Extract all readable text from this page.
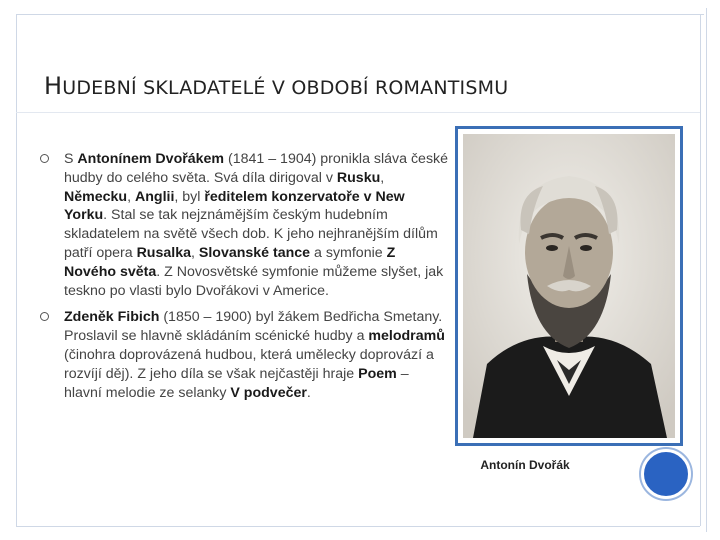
HUDEBNÍ SKLADATELÉ V OBDOBÍ ROMANTISMU
S Antonínem Dvořákem (1841 – 1904) pronikla sláva české hudby do celého světa. Svá díla dirigoval v Rusku, Německu, Anglii, byl ředitelem konzervatoře v New Yorku. Stal se tak nejznámějším českým hudebním skladatelem na světě všech dob. K jeho nejhranějším dílům patří opera Rusalka, Slovanské tance a symfonie Z Nového světa. Z Novosvětské symfonie můžeme slyšet, jak teskno po vlasti bylo Dvořákovi v Americe.
Zdeněk Fibich (1850 – 1900) byl žákem Bedřicha Smetany. Proslavil se hlavně skládáním scénické hudby a melodramů (činohra doprovázená hudbou, která umělecky doprovází a rozvíjí děj). Z jeho díla se však nejčastěji hraje Poem – hlavní melodie ze selanky V podvečer.
Antonín Dvořák
